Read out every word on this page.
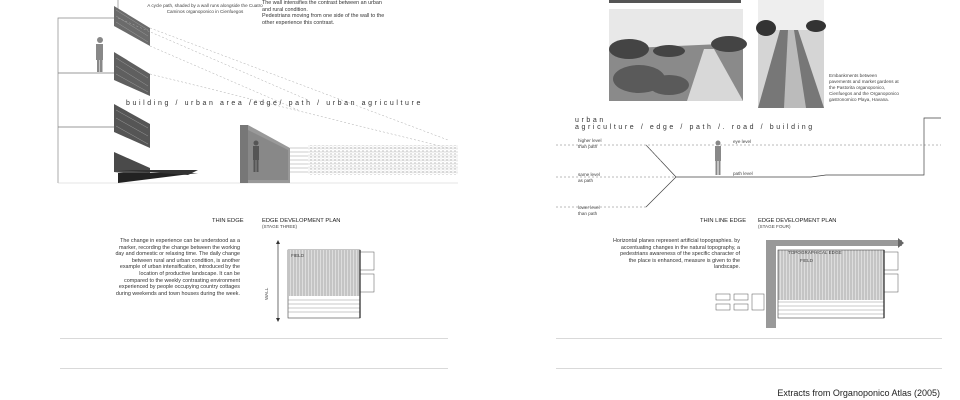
A cycle path, shaded by a wall runs alongside the Cuatro Caminos organoponico in Cienfuegos
The wall intensifies the contrast between an urban and rural condition.
Pedestrians moving from one side of the wall to the other experience this contrast.
building / urban area /edge/ path / urban agriculture
THIN EDGE	EDGE DEVELOPMENT PLAN
(STAGE THREE)
The change in experience can be understood as a marker, recording the change between the working day and domestic or relaxing time. The daily change between rural and urban condition, is another example of urban intensification, introduced by the location of productive landscape. It can be compared to the weekly contrasting environment experienced by people occupying country cottages during weekends and town houses during the week.
FIELD
WALL
Embankments between pavements and market gardens at the Pastorita organoponico, Cienfuegos and the Organoponico gastronomico Playa, Havana.
urban
agriculture / edge / path /. road / building
eye level
path level
higher level
than path
same level
as path
lower level
than path
THIN LINE EDGE EDGE DEVELOPMENT PLAN
(STAGE FOUR)
Horizontal planes represent artificial topographies. by accentuating changes in the natural topography, a pedestrians awareness of the specific character of the place is enhanced, measure is given to the landscape.
TOPOGRAPHICAL EDGE
FIELD
Extracts from Organoponico Atlas (2005)
